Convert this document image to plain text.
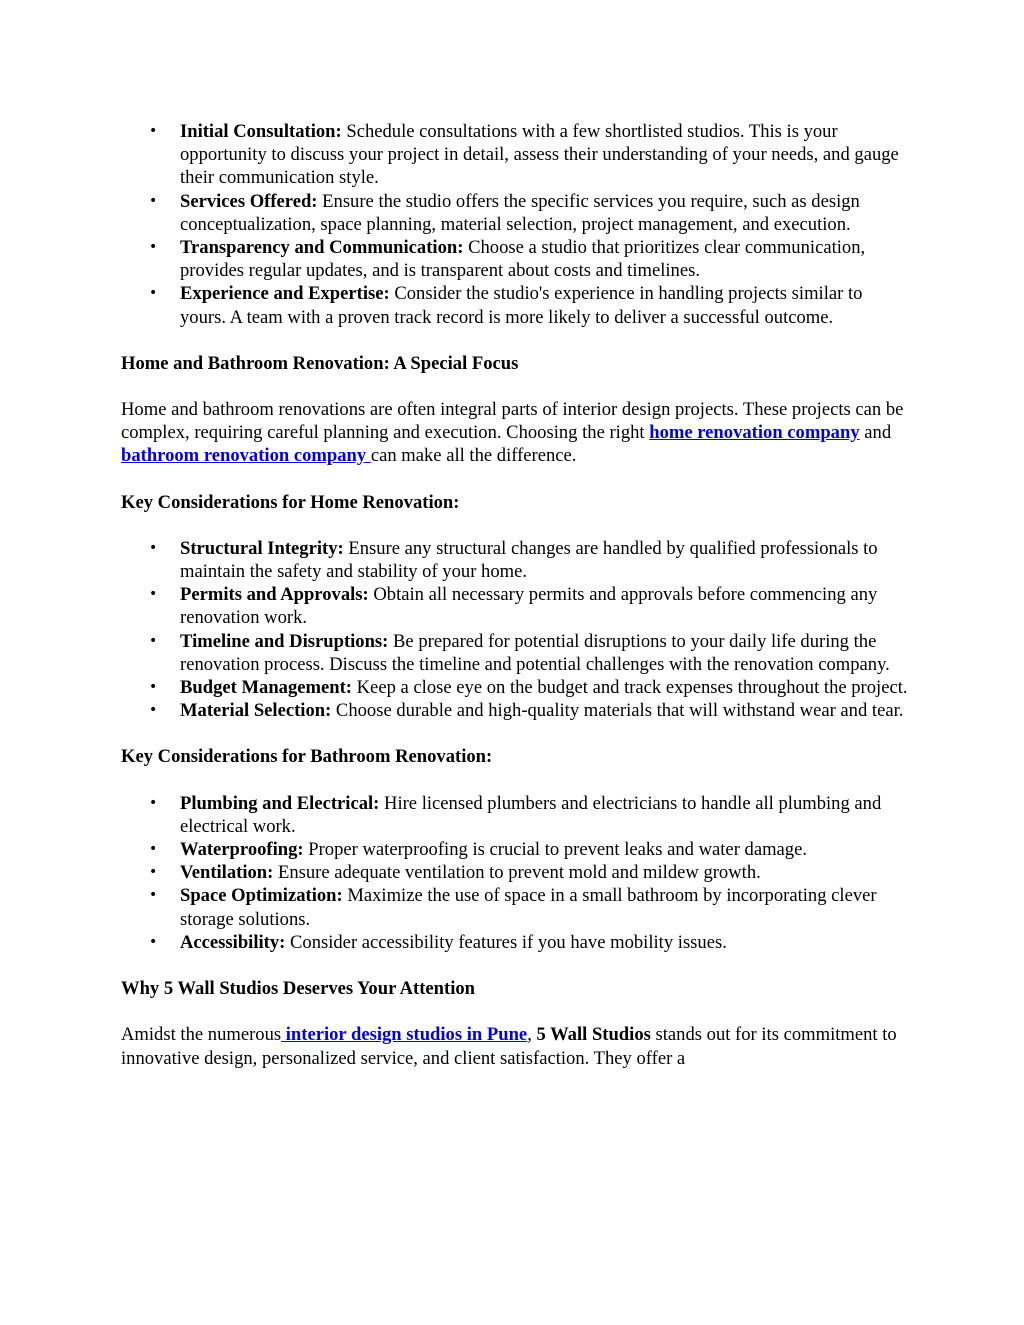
• Initial Consultation: Schedule consultations with a few shortlisted studios. This is your opportunity to discuss your project in detail, assess their understanding of your needs, and gauge their communication style.
• Services Offered: Ensure the studio offers the specific services you require, such as design conceptualization, space planning, material selection, project management, and execution.
• Transparency and Communication: Choose a studio that prioritizes clear communication, provides regular updates, and is transparent about costs and timelines.
• Experience and Expertise: Consider the studio's experience in handling projects similar to yours. A team with a proven track record is more likely to deliver a successful outcome.

Home and Bathroom Renovation: A Special Focus

Home and bathroom renovations are often integral parts of interior design projects. These projects can be complex, requiring careful planning and execution. Choosing the right home renovation company and bathroom renovation company can make all the difference.

Key Considerations for Home Renovation:

• Structural Integrity: Ensure any structural changes are handled by qualified professionals to maintain the safety and stability of your home.
• Permits and Approvals: Obtain all necessary permits and approvals before commencing any renovation work.
• Timeline and Disruptions: Be prepared for potential disruptions to your daily life during the renovation process. Discuss the timeline and potential challenges with the renovation company.
• Budget Management: Keep a close eye on the budget and track expenses throughout the project.
• Material Selection: Choose durable and high-quality materials that will withstand wear and tear.

Key Considerations for Bathroom Renovation:

• Plumbing and Electrical: Hire licensed plumbers and electricians to handle all plumbing and electrical work.
• Waterproofing: Proper waterproofing is crucial to prevent leaks and water damage.
• Ventilation: Ensure adequate ventilation to prevent mold and mildew growth.
• Space Optimization: Maximize the use of space in a small bathroom by incorporating clever storage solutions.
• Accessibility: Consider accessibility features if you have mobility issues.

Why 5 Wall Studios Deserves Your Attention

Amidst the numerous interior design studios in Pune, 5 Wall Studios stands out for its commitment to innovative design, personalized service, and client satisfaction. They offer a
